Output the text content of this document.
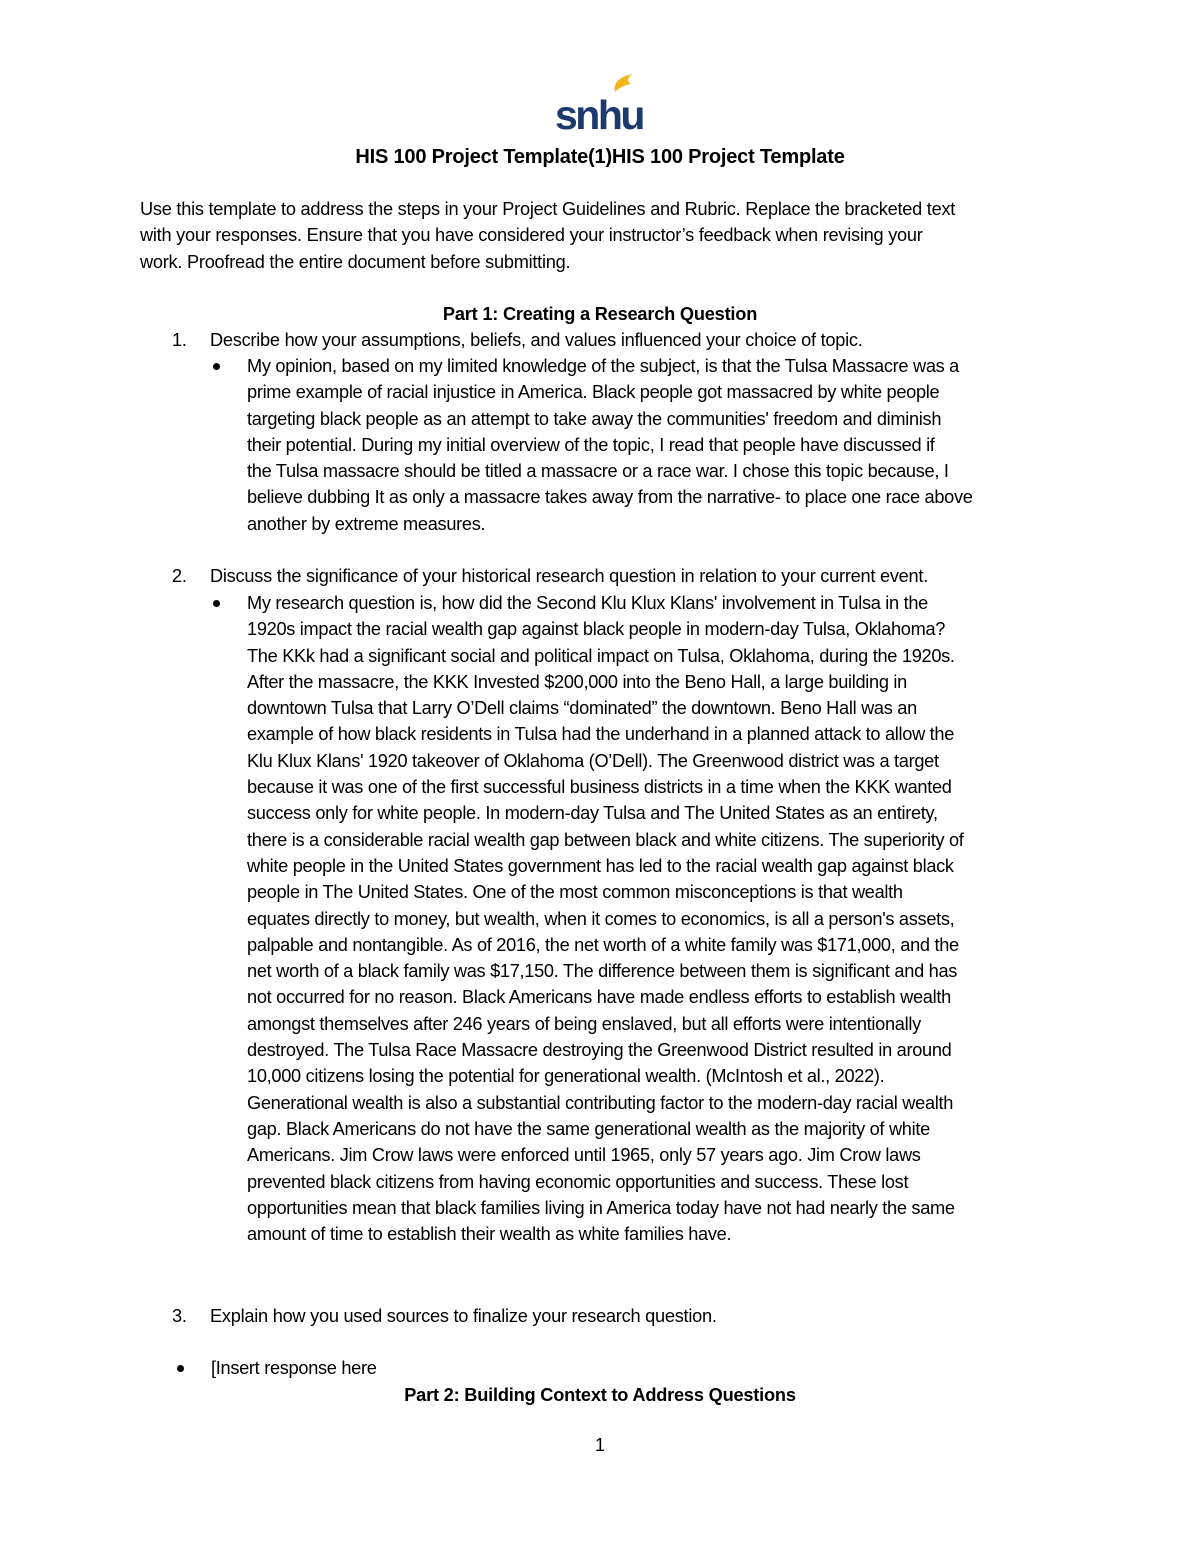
snhu
HIS 100 Project Template(1)HIS 100 Project Template
Use this template to address the steps in your Project Guidelines and Rubric. Replace the bracketed text
with your responses. Ensure that you have considered your instructor’s feedback when revising your
work. Proofread the entire document before submitting.
Part 1: Creating a Research Question
1. Describe how your assumptions, beliefs, and values influenced your choice of topic.
My opinion, based on my limited knowledge of the subject, is that the Tulsa Massacre was a
prime example of racial injustice in America. Black people got massacred by white people
targeting black people as an attempt to take away the communities' freedom and diminish
their potential. During my initial overview of the topic, I read that people have discussed if
the Tulsa massacre should be titled a massacre or a race war. I chose this topic because, I
believe dubbing It as only a massacre takes away from the narrative- to place one race above
another by extreme measures.
2. Discuss the significance of your historical research question in relation to your current event.
My research question is, how did the Second Klu Klux Klans' involvement in Tulsa in the
1920s impact the racial wealth gap against black people in modern-day Tulsa, Oklahoma?
The KKk had a significant social and political impact on Tulsa, Oklahoma, during the 1920s.
After the massacre, the KKK Invested $200,000 into the Beno Hall, a large building in
downtown Tulsa that Larry O’Dell claims “dominated” the downtown. Beno Hall was an
example of how black residents in Tulsa had the underhand in a planned attack to allow the
Klu Klux Klans' 1920 takeover of Oklahoma (O’Dell). The Greenwood district was a target
because it was one of the first successful business districts in a time when the KKK wanted
success only for white people. In modern-day Tulsa and The United States as an entirety,
there is a considerable racial wealth gap between black and white citizens. The superiority of
white people in the United States government has led to the racial wealth gap against black
people in The United States. One of the most common misconceptions is that wealth
equates directly to money, but wealth, when it comes to economics, is all a person's assets,
palpable and nontangible. As of 2016, the net worth of a white family was $171,000, and the
net worth of a black family was $17,150. The difference between them is significant and has
not occurred for no reason. Black Americans have made endless efforts to establish wealth
amongst themselves after 246 years of being enslaved, but all efforts were intentionally
destroyed. The Tulsa Race Massacre destroying the Greenwood District resulted in around
10,000 citizens losing the potential for generational wealth. (McIntosh et al., 2022).
Generational wealth is also a substantial contributing factor to the modern-day racial wealth
gap. Black Americans do not have the same generational wealth as the majority of white
Americans. Jim Crow laws were enforced until 1965, only 57 years ago. Jim Crow laws
prevented black citizens from having economic opportunities and success. These lost
opportunities mean that black families living in America today have not had nearly the same
amount of time to establish their wealth as white families have.
3. Explain how you used sources to finalize your research question.
[Insert response here
Part 2: Building Context to Address Questions
1
